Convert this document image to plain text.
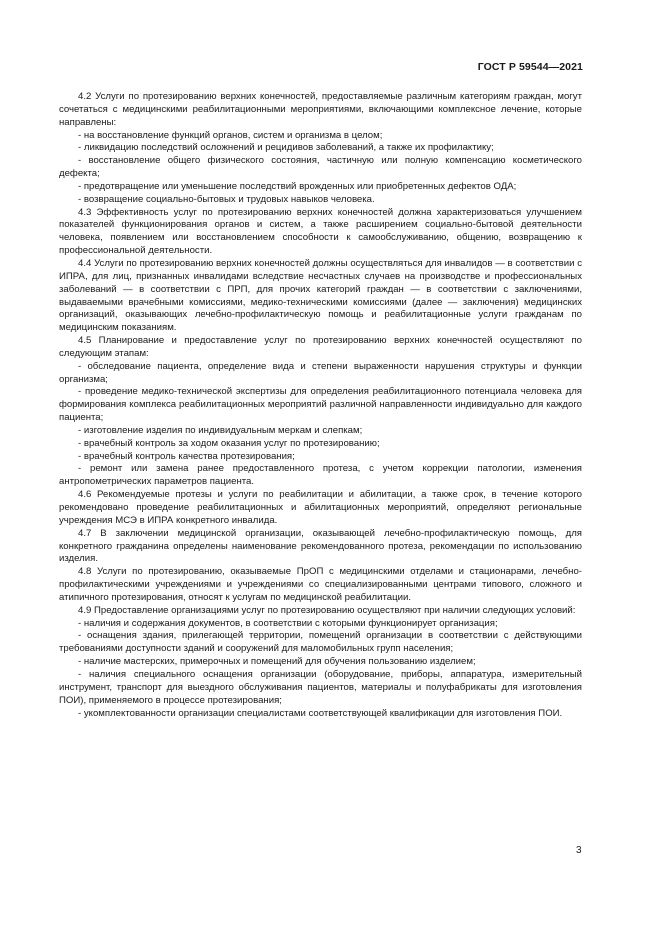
ГОСТ Р 59544—2021

4.2 Услуги по протезированию верхних конечностей, предоставляемые различным категориям граждан, могут сочетаться с медицинскими реабилитационными мероприятиями, включающими комплексное лечение, которые направлены:

- на восстановление функций органов, систем и организма в целом;

- ликвидацию последствий осложнений и рецидивов заболеваний, а также их профилактику;

- восстановление общего физического состояния, частичную или полную компенсацию косметического дефекта;

- предотвращение или уменьшение последствий врожденных или приобретенных дефектов ОДА;

- возвращение социально-бытовых и трудовых навыков человека.

4.3 Эффективность услуг по протезированию верхних конечностей должна характеризоваться улучшением показателей функционирования органов и систем, а также расширением социально-бытовой деятельности человека, появлением или восстановлением способности к самообслуживанию, общению, возвращению к профессиональной деятельности.

4.4 Услуги по протезированию верхних конечностей должны осуществляться для инвалидов — в соответствии с ИПРА, для лиц, признанных инвалидами вследствие несчастных случаев на производстве и профессиональных заболеваний — в соответствии с ПРП, для прочих категорий граждан — в соответствии с заключениями, выдаваемыми врачебными комиссиями, медико-техническими комиссиями (далее — заключения) медицинских организаций, оказывающих лечебно-профилактическую помощь и реабилитационные услуги гражданам по медицинским показаниям.

4.5 Планирование и предоставление услуг по протезированию верхних конечностей осуществляют по следующим этапам:

- обследование пациента, определение вида и степени выраженности нарушения структуры и функции организма;

- проведение медико-технической экспертизы для определения реабилитационного потенциала человека для формирования комплекса реабилитационных мероприятий различной направленности индивидуально для каждого пациента;

- изготовление изделия по индивидуальным меркам и слепкам;

- врачебный контроль за ходом оказания услуг по протезированию;

- врачебный контроль качества протезирования;

- ремонт или замена ранее предоставленного протеза, с учетом коррекции патологии, изменения антропометрических параметров пациента.

4.6 Рекомендуемые протезы и услуги по реабилитации и абилитации, а также срок, в течение которого рекомендовано проведение реабилитационных и абилитационных мероприятий, определяют региональные учреждения МСЭ в ИПРА конкретного инвалида.

4.7 В заключении медицинской организации, оказывающей лечебно-профилактическую помощь, для конкретного гражданина определены наименование рекомендованного протеза, рекомендации по использованию изделия.

4.8 Услуги по протезированию, оказываемые ПрОП с медицинскими отделами и стационарами, лечебно-профилактическими учреждениями и учреждениями со специализированными центрами типового, сложного и атипичного протезирования, относят к услугам по медицинской реабилитации.

4.9 Предоставление организациями услуг по протезированию осуществляют при наличии следующих условий:

- наличия и содержания документов, в соответствии с которыми функционирует организация;

- оснащения здания, прилегающей территории, помещений организации в соответствии с действующими требованиями доступности зданий и сооружений для маломобильных групп населения;

- наличие мастерских, примерочных и помещений для обучения пользованию изделием;

- наличия специального оснащения организации (оборудование, приборы, аппаратура, измерительный инструмент, транспорт для выездного обслуживания пациентов, материалы и полуфабрикаты для изготовления ПОИ), применяемого в процессе протезирования;

- укомплектованности организации специалистами соответствующей квалификации для изготовления ПОИ.

3
